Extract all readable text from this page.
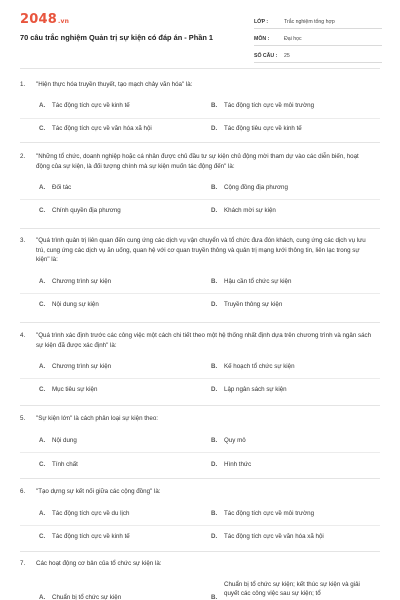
2048.vn
70 câu trắc nghiệm Quản trị sự kiện có đáp án - Phần 1
LỚP :	Trắc nghiệm tổng hợp
MÔN :	Đại học
SỐ CÂU :	25
1.	"Hiện thực hóa truyền thuyết, tạo mạch chảy văn hóa" là:
A.	Tác động tích cực về kinh tế	B.	Tác động tích cực về môi trường
C.	Tác động tích cực về văn hóa xã hội	D.	Tác động tiêu cực về kinh tế
2.	"Những tổ chức, doanh nghiệp hoặc cá nhân được chủ đầu tư sự kiện chủ động mời tham dự vào các diễn biến, hoạt động của sự kiện, là đối tượng chính mà sự kiện muốn tác động đến" là:
A.	Đối tác	B.	Cộng đồng địa phương
C.	Chính quyền địa phương	D.	Khách mời sự kiện
3.	"Quá trình quản trị liên quan đến cung ứng các dịch vụ vận chuyển và tổ chức đưa đón khách, cung ứng các dịch vụ lưu trú, cung ứng các dịch vụ ăn uống, quan hệ với cơ quan truyền thông và quản trị mạng lưới thông tin, liên lạc trong sự kiện" là:
A.	Chương trình sự kiện	B.	Hậu cần tổ chức sự kiện
C.	Nội dung sự kiện	D.	Truyền thông sự kiện
4.	"Quá trình xác định trước các công việc một cách chi tiết theo một hệ thống nhất định dựa trên chương trình và ngân sách sự kiện đã được xác định" là:
A.	Chương trình sự kiện	B.	Kế hoạch tổ chức sự kiện
C.	Mục tiêu sự kiện	D.	Lập ngân sách sự kiện
5.	"Sự kiện lớn" là cách phân loại sự kiện theo:
A.	Nội dung	B.	Quy mô
C.	Tính chất	D.	Hình thức
6.	"Tạo dựng sự kết nối giữa các cộng đồng" là:
A.	Tác động tích cực về du lịch	B.	Tác động tích cực về môi trường
C.	Tác động tích cực về kinh tế	D.	Tác động tích cực về văn hóa xã hội
7.	Các hoạt động cơ bản của tổ chức sự kiện là:
A.	Chuẩn bị tổ chức sự kiện	B.
Chuẩn bị tổ chức sự kiện; kết thúc sự kiện và giải quyết các công việc sau sự kiện; tổ
